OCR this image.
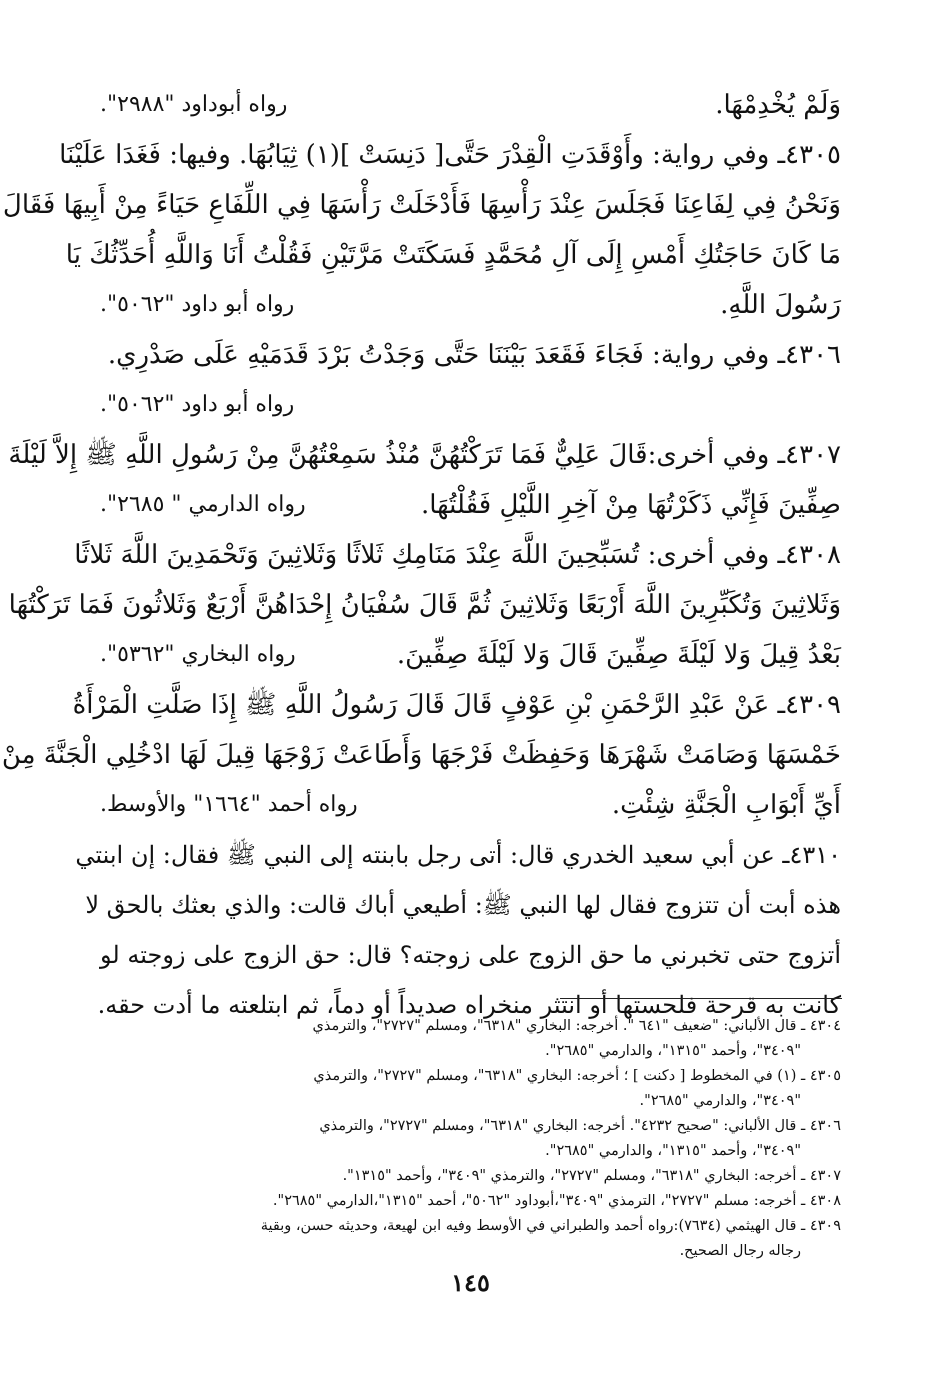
وَلَمْ يُخْدِمْهَا.
رواه أبوداود "٢٩٨٨".
٤٣٠٥ـ وفي رواية: وأَوْقَدَتِ الْقِدْرَ حَتَّى[ دَنِسَتْ ](١) ثِيَابُهَا. وفيها: فَغَدَا عَلَيْنَا
وَنَحْنُ فِي لِفَاعِنَا فَجَلَسَ عِنْدَ رَأْسِهَا فَأَدْخَلَتْ رَأْسَهَا فِي اللِّفَاعِ حَيَاءً مِنْ أَبِيهَا فَقَالَ
مَا كَانَ حَاجَتُكِ أَمْسِ إِلَى آلِ مُحَمَّدٍ فَسَكَتَتْ مَرَّتَيْنِ فَقُلْتُ أَنَا وَاللَّهِ أُحَدِّثُكَ يَا
رَسُولَ اللَّهِ.
رواه أبو داود "٥٠٦٢".
٤٣٠٦ـ وفي رواية: فَجَاءَ فَقَعَدَ بَيْنَنَا حَتَّى وَجَدْتُ بَرْدَ قَدَمَيْهِ عَلَى صَدْرِي.
رواه أبو داود "٥٠٦٢".
٤٣٠٧ـ وفي أخرى:قَالَ عَلِيٌّ فَمَا تَرَكْتُهُنَّ مُنْذُ سَمِعْتُهُنَّ مِنْ رَسُولِ اللَّهِ ﷺ إِلاَّ لَيْلَةَ
صِفِّينَ فَإِنِّي ذَكَرْتُهَا مِنْ آخِرِ اللَّيْلِ فَقُلْتُهَا.
رواه الدارمي " ٢٦٨٥".
٤٣٠٨ـ وفي أخرى: تُسَبِّحِينَ اللَّهَ عِنْدَ مَنَامِكِ ثَلاثًا وَثَلاثِينَ وَتَحْمَدِينَ اللَّهَ ثَلاثًا
وَثَلاثِينَ وَتُكَبِّرِينَ اللَّهَ أَرْبَعًا وَثَلاثِينَ ثُمَّ قَالَ سُفْيَانُ إِحْدَاهُنَّ أَرْبَعٌ وَثَلاثُونَ فَمَا تَرَكْتُهَا
بَعْدُ قِيلَ وَلا لَيْلَةَ صِفِّينَ قَالَ وَلا لَيْلَةَ صِفِّينَ.
رواه البخاري "٥٣٦٢".
٤٣٠٩ـ عَنْ عَبْدِ الرَّحْمَنِ بْنِ عَوْفٍ قَالَ قَالَ رَسُولُ اللَّهِ ﷺ إِذَا صَلَّتِ الْمَرْأَةُ
خَمْسَهَا وَصَامَتْ شَهْرَهَا وَحَفِظَتْ فَرْجَهَا وَأَطَاعَتْ زَوْجَهَا قِيلَ لَهَا ادْخُلِي الْجَنَّةَ مِنْ
أَيِّ أَبْوَابِ الْجَنَّةِ شِئْتِ.
رواه أحمد "١٦٦٤" والأوسط.
٤٣١٠ـ عن أبي سعيد الخدري قال: أتى رجل بابنته إلى النبي ﷺ فقال: إن ابنتي
هذه أبت أن تتزوج فقال لها النبي ﷺ: أطيعي أباك قالت: والذي بعثك بالحق لا
أتزوج حتى تخبرني ما حق الزوج على زوجته؟ قال: حق الزوج على زوجته لو
كانت به قرحة فلحستها أو انتثر منخراه صديداً أو دماً، ثم ابتلعته ما أدت حقه.
٤٣٠٤ ـ قال الألباني: "ضعيف "٦٤١ ". أخرجه: البخاري "٦٣١٨"، ومسلم "٢٧٢٧"، والترمذي
"٣٤٠٩"، وأحمد "١٣١٥"، والدارمي "٢٦٨٥".
٤٣٠٥ ـ (١) في المخطوط [ دكنت ] ؛ أخرجه: البخاري "٦٣١٨"، ومسلم "٢٧٢٧"، والترمذي
"٣٤٠٩"، والدارمي "٢٦٨٥".
٤٣٠٦ ـ قال الألباني: "صحيح ٤٢٣٢". أخرجه: البخاري "٦٣١٨"، ومسلم "٢٧٢٧"، والترمذي
"٣٤٠٩"، وأحمد "١٣١٥"، والدارمي "٢٦٨٥".
٤٣٠٧ ـ أخرجه: البخاري "٦٣١٨"، ومسلم "٢٧٢٧"، والترمذي "٣٤٠٩"، وأحمد "١٣١٥".
٤٣٠٨ ـ أخرجه: مسلم "٢٧٢٧"، الترمذي "٣٤٠٩"،أبوداود "٥٠٦٢"، أحمد "١٣١٥"،الدارمي "٢٦٨٥".
٤٣٠٩ ـ قال الهيثمي (٧٦٣٤):رواه أحمد والطبراني في الأوسط وفيه ابن لهيعة، وحديثه حسن، وبقية
رجاله رجال الصحيح.
١٤٥
